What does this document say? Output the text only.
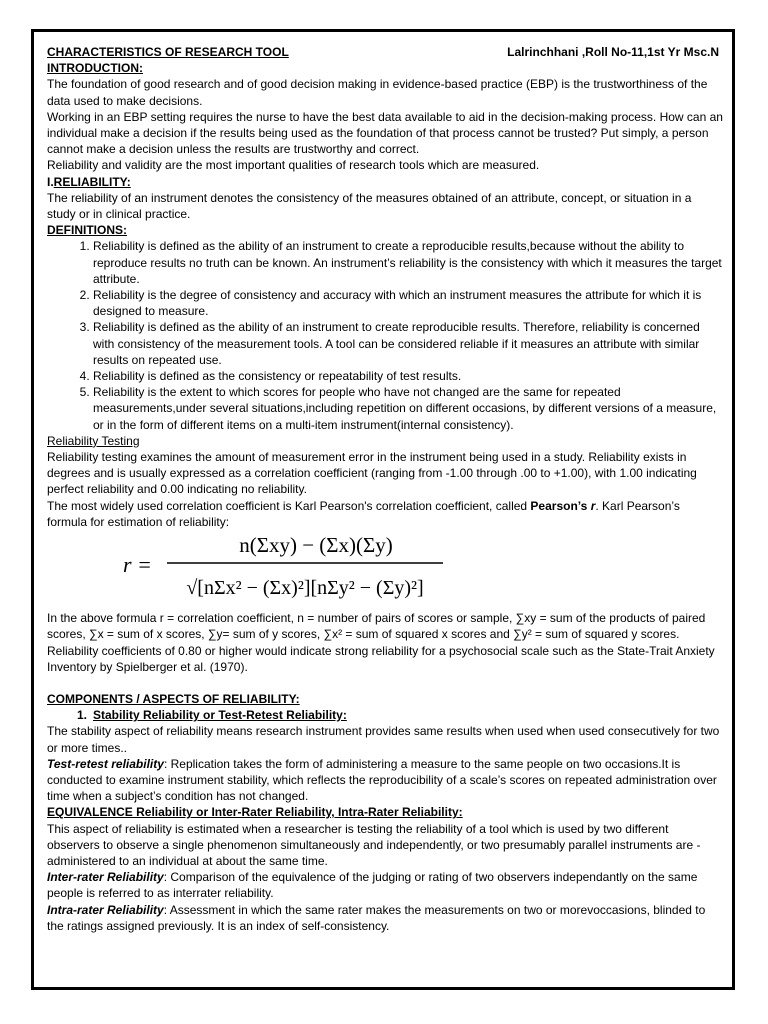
CHARACTERISTICS OF RESEARCH TOOL	Lalrinchhani ,Roll No-11,1st Yr Msc.N

INTRODUCTION:

The foundation of good research and of good decision making in evidence-based practice (EBP) is the trustworthiness of the data used to make decisions.

Working in an EBP setting requires the nurse to have the best data available to aid in the decision-making process. How can an individual make a decision if the results being used as the foundation of that process cannot be trusted? Put simply, a person cannot make a decision unless the results are trustworthy and correct.

Reliability and validity are the most important qualities of research tools which are measured.

I.RELIABILITY:

The reliability of an instrument denotes the consistency of the measures obtained of an attribute, concept, or situation in a study or in clinical practice.

DEFINITIONS:

1. Reliability is defined as the ability of an instrument to create a reproducible results,because without the ability to reproduce results no truth can be known. An instrument’s reliability is the consistency with which it measures the target attribute.
2. Reliability is the degree of consistency and accuracy with which an instrument measures the attribute for which it is designed to measure.
3. Reliability is defined as the ability of an instrument to create reproducible results. Therefore, reliability is concerned with consistency of the measurement tools. A tool can be considered reliable if it measures an attribute with similar results on repeated use.
4. Reliability is defined as the consistency or repeatability of test results.
5. Reliability is the extent to which scores for people who have not changed are the same for repeated measurements,under several situations,including repetition on different occasions, by different versions of a measure, or in the form of different items on a multi-item instrument(internal consistency).

Reliability Testing

Reliability testing examines the amount of measurement error in the instrument being used in a study. Reliability exists in degrees and is usually expressed as a correlation coefficient (ranging from -1.00 through .00 to +1.00), with 1.00 indicating perfect reliability and 0.00 indicating no reliability.

The most widely used correlation coefficient is Karl Pearson's correlation coefficient, called Pearson’s r. Karl Pearson’s formula for estimation of reliability:

r =
n(Σxy) − (Σx)(Σy)
√[nΣx² − (Σx)²][nΣy² − (Σy)²]

In the above formula r = correlation coefficient, n = number of pairs of scores or sample, ∑xy = sum of the products of paired scores, ∑x = sum of x scores, ∑y= sum of y scores, ∑x² = sum of squared x scores and ∑y² = sum of squared y scores.

Reliability coefficients of 0.80 or higher would indicate strong reliability for a psychosocial scale such as the State-Trait Anxiety Inventory by Spielberger et al. (1970).

COMPONENTS / ASPECTS OF RELIABILITY:

1. Stability Reliability or Test-Retest Reliability:

The stability aspect of reliability means research instrument provides same results when used when used consecutively for two or more times..

Test-retest reliability: Replication takes the form of administering a measure to the same people on two occasions.It is conducted to examine instrument stability, which reflects the reproducibility of a scale’s scores on repeated administration over time when a subject’s condition has not changed.

EQUIVALENCE Reliability or Inter-Rater Reliability, Intra-Rater Reliability:

This aspect of reliability is estimated when a researcher is testing the reliability of a tool which is used by two different observers to observe a single phenomenon simultaneously and independently, or two presumably parallel instruments are -administered to an individual at about the same time.

Inter-rater Reliability: Comparison of the equivalence of the judging or rating of two observers independantly on the same people is referred to as interrater reliability.

Intra-rater Reliability: Assessment in which the same rater makes the measurements on two or morevoccasions, blinded to the ratings assigned previously. It is an index of self-consistency.
